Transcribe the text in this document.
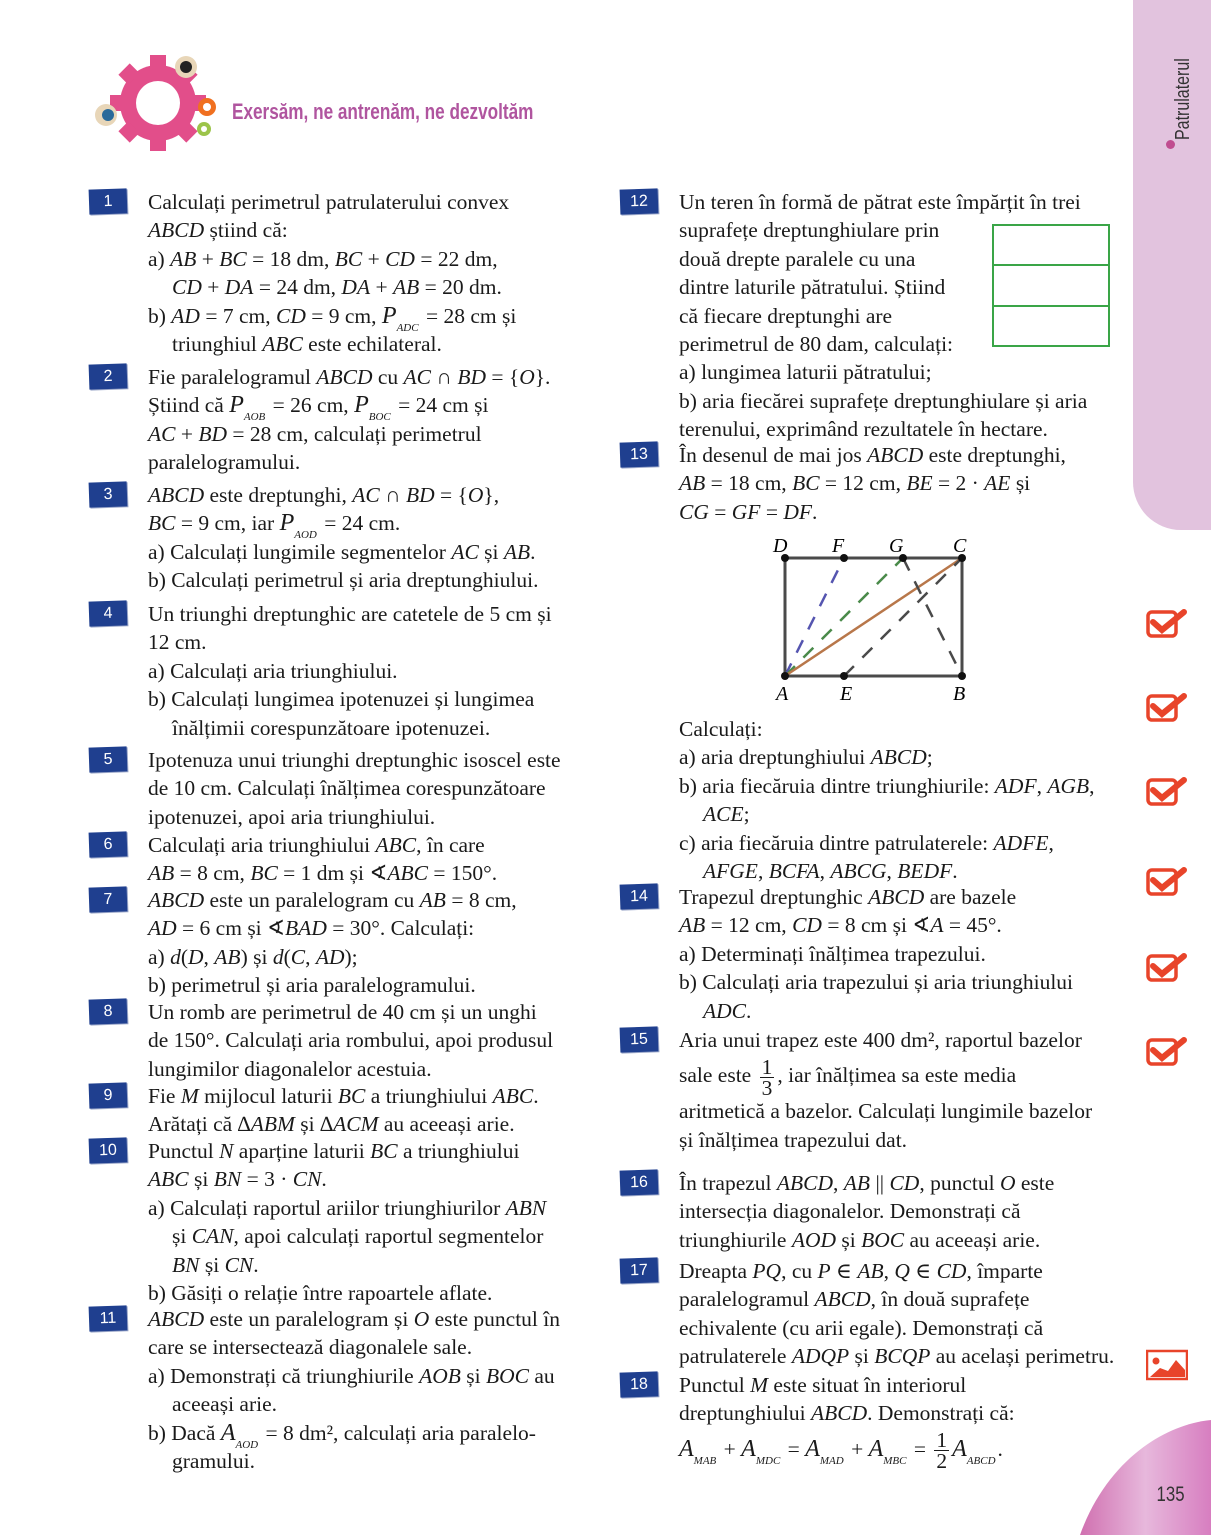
Patrulaterul
Exersăm, ne antrenăm, ne dezvoltăm
1	Calculați perimetrul patrulaterului convex
ABCD știind că:
a) AB + BC = 18 dm, BC + CD = 22 dm,
CD + DA = 24 dm, DA + AB = 20 dm.
b) AD = 7 cm, CD = 9 cm, $P_{ADC} = 28$ cm și
triunghiul ABC este echilateral.
2	Fie paralelogramul ABCD cu AC ∩ BD = {O}.
Știind că $P_{AOB} = 26$ cm, $P_{BOC} = 24$ cm și
AC + BD = 28 cm, calculați perimetrul
paralelogramului.
3	ABCD este dreptunghi, AC ∩ BD = {O},
BC = 9 cm, iar $P_{AOD} = 24$ cm.
a) Calculați lungimile segmentelor AC și AB.
b) Calculați perimetrul și aria dreptunghiului.
4	Un triunghi dreptunghic are catetele de 5 cm și
12 cm.
a) Calculați aria triunghiului.
b) Calculați lungimea ipotenuzei și lungimea
înălțimii corespunzătoare ipotenuzei.
5	Ipotenuza unui triunghi dreptunghic isoscel este
de 10 cm. Calculați înălțimea corespunzătoare
ipotenuzei, apoi aria triunghiului.
6	Calculați aria triunghiului ABC, în care
AB = 8 cm, BC = 1 dm și ∢ABC = 150°.
7	ABCD este un paralelogram cu AB = 8 cm,
AD = 6 cm și ∢BAD = 30°. Calculați:
a) d(D, AB) și d(C, AD);
b) perimetrul și aria paralelogramului.
8	Un romb are perimetrul de 40 cm și un unghi
de 150°. Calculați aria rombului, apoi produsul
lungimilor diagonalelor acestuia.
9	Fie M mijlocul laturii BC a triunghiului ABC.
Arătați că ∆ABM și ∆ACM au aceeași arie.
10	Punctul N aparține laturii BC a triunghiului
ABC și BN = 3 · CN.
a) Calculați raportul ariilor triunghiurilor ABN
și CAN, apoi calculați raportul segmentelor
BN și CN.
b) Găsiți o relație între rapoartele aflate.
11	ABCD este un paralelogram și O este punctul în
care se intersectează diagonalele sale.
a) Demonstrați că triunghiurile AOB și BOC au
aceeași arie.
b) Dacă $A_{AOD} = 8$ dm², calculați aria paralelo-
gramului.
12	Un teren în formă de pătrat este împărțit în trei
suprafețe dreptunghiulare prin
două drepte paralele cu una
dintre laturile pătratului. Știind
că fiecare dreptunghi are
perimetrul de 80 dam, calculați:
a) lungimea laturii pătratului;
b) aria fiecărei suprafețe dreptunghiulare și aria
terenului, exprimând rezultatele în hectare.
13	În desenul de mai jos ABCD este dreptunghi,
AB = 18 cm, BC = 12 cm, BE = 2 · AE și
CG = GF = DF.
Calculați:
a) aria dreptunghiului ABCD;
b) aria fiecăruia dintre triunghiurile: ADF, AGB,
ACE;
c) aria fiecăruia dintre patrulaterele: ADFE,
AFGE, BCFA, ABCG, BEDF.
14	Trapezul dreptunghic ABCD are bazele
AB = 12 cm, CD = 8 cm și ∢A = 45°.
a) Determinați înălțimea trapezului.
b) Calculați aria trapezului și aria triunghiului
ADC.
15	Aria unui trapez este 400 dm², raportul bazelor
sale este $\frac{1}{3}$ , iar înălțimea sa este media
aritmetică a bazelor. Calculați lungimile bazelor
și înălțimea trapezului dat.
16	În trapezul ABCD, AB || CD, punctul O este
intersecția diagonalelor. Demonstrați că
triunghiurile AOD și BOC au aceeași arie.
17	Dreapta PQ, cu P ∈ AB, Q ∈ CD, împarte
paralelogramul ABCD, în două suprafețe
echivalente (cu arii egale). Demonstrați că
patrulaterele ADQP și BCQP au același perimetru.
18	Punctul M este situat în interiorul
dreptunghiului ABCD. Demonstrați că:
$A_{MAB} + A_{MDC} = A_{MAD} + A_{MBC} = \frac{1}{2} A_{ABCD}$.
D F G C
A	E	B
135
